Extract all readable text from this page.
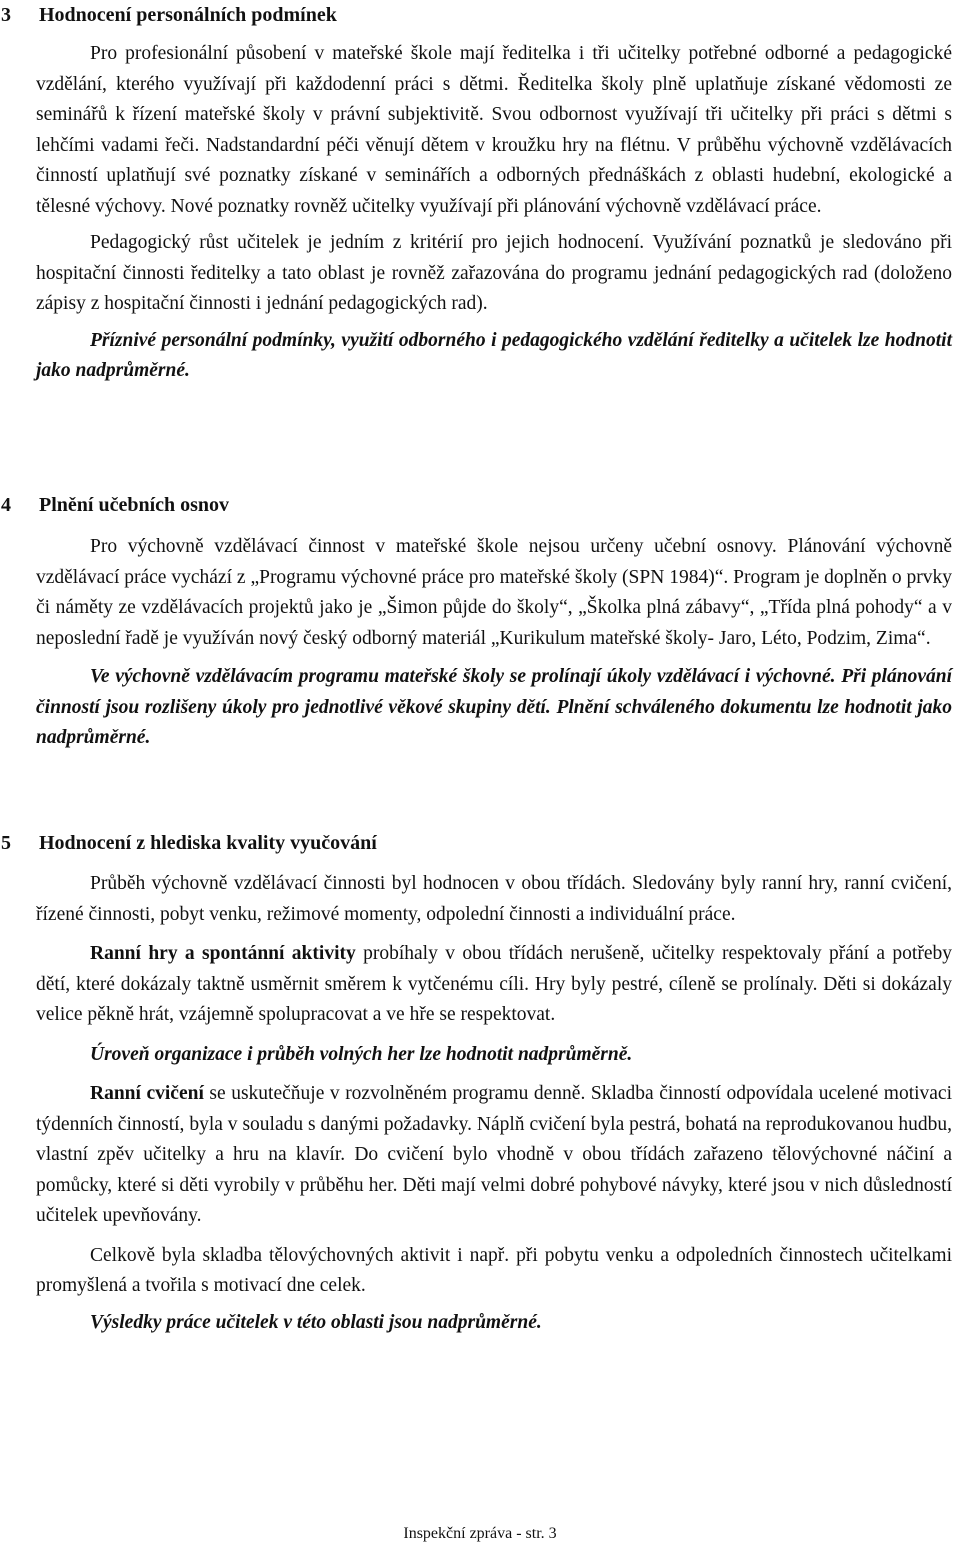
3 Hodnocení personálních podmínek

Pro profesionální působení v mateřské škole mají ředitelka i tři učitelky potřebné odborné a pedagogické vzdělání, kterého využívají při každodenní práci s dětmi. Ředitelka školy plně uplatňuje získané vědomosti ze seminářů k řízení mateřské školy v právní subjektivitě. Svou odbornost využívají tři učitelky při práci s dětmi s lehčími vadami řeči. Nadstandardní péči věnují dětem v kroužku hry na flétnu. V průběhu výchovně vzdělávacích činností uplatňují své poznatky získané v seminářích a odborných přednáškách z oblasti hudební, ekologické a tělesné výchovy. Nové poznatky rovněž učitelky využívají při plánování výchovně vzdělávací práce.

Pedagogický růst učitelek je jedním z kritérií pro jejich hodnocení. Využívání poznatků je sledováno při hospitační činnosti ředitelky a tato oblast je rovněž zařazována do programu jednání pedagogických rad (doloženo zápisy z hospitační činnosti i jednání pedagogických rad).

Příznivé personální podmínky, využití odborného i pedagogického vzdělání ředitelky a učitelek lze hodnotit jako nadprůměrné.

4 Plnění učebních osnov

Pro výchovně vzdělávací činnost v mateřské škole nejsou určeny učební osnovy. Plánování výchovně vzdělávací práce vychází z „Programu výchovné práce pro mateřské školy (SPN 1984)“. Program je doplněn o prvky či náměty ze vzdělávacích projektů jako je „Šimon půjde do školy“, „Školka plná zábavy“, „Třída plná pohody“ a v neposlední řadě je využíván nový český odborný materiál „Kurikulum mateřské školy- Jaro, Léto, Podzim, Zima“.

Ve výchovně vzdělávacím programu mateřské školy se prolínají úkoly vzdělávací i výchovné. Při plánování činností jsou rozlišeny úkoly pro jednotlivé věkové skupiny dětí. Plnění schváleného dokumentu lze hodnotit jako nadprůměrné.

5 Hodnocení z hlediska kvality vyučování

Průběh výchovně vzdělávací činnosti byl hodnocen v obou třídách. Sledovány byly ranní hry, ranní cvičení, řízené činnosti, pobyt venku, režimové momenty, odpolední činnosti a individuální práce.

Ranní hry a spontánní aktivity probíhaly v obou třídách nerušeně, učitelky respektovaly přání a potřeby dětí, které dokázaly taktně usměrnit směrem k vytčenému cíli. Hry byly pestré, cíleně se prolínaly. Děti si dokázaly velice pěkně hrát, vzájemně spolupracovat a ve hře se respektovat.

Úroveň organizace i průběh volných her lze hodnotit nadprůměrně.

Ranní cvičení se uskutečňuje v rozvolněném programu denně. Skladba činností odpovídala ucelené motivaci týdenních činností, byla v souladu s danými požadavky. Náplň cvičení byla pestrá, bohatá na reprodukovanou hudbu, vlastní zpěv učitelky a hru na klavír. Do cvičení bylo vhodně v obou třídách zařazeno tělovýchovné náčiní a pomůcky, které si děti vyrobily v průběhu her. Děti mají velmi dobré pohybové návyky, které jsou v nich důsledností učitelek upevňovány.

Celkově byla skladba tělovýchovných aktivit i např. při pobytu venku a odpoledních činnostech učitelkami promyšlená a tvořila s motivací dne celek.

Výsledky práce učitelek v této oblasti jsou nadprůměrné.

Inspekční zpráva - str. 3
